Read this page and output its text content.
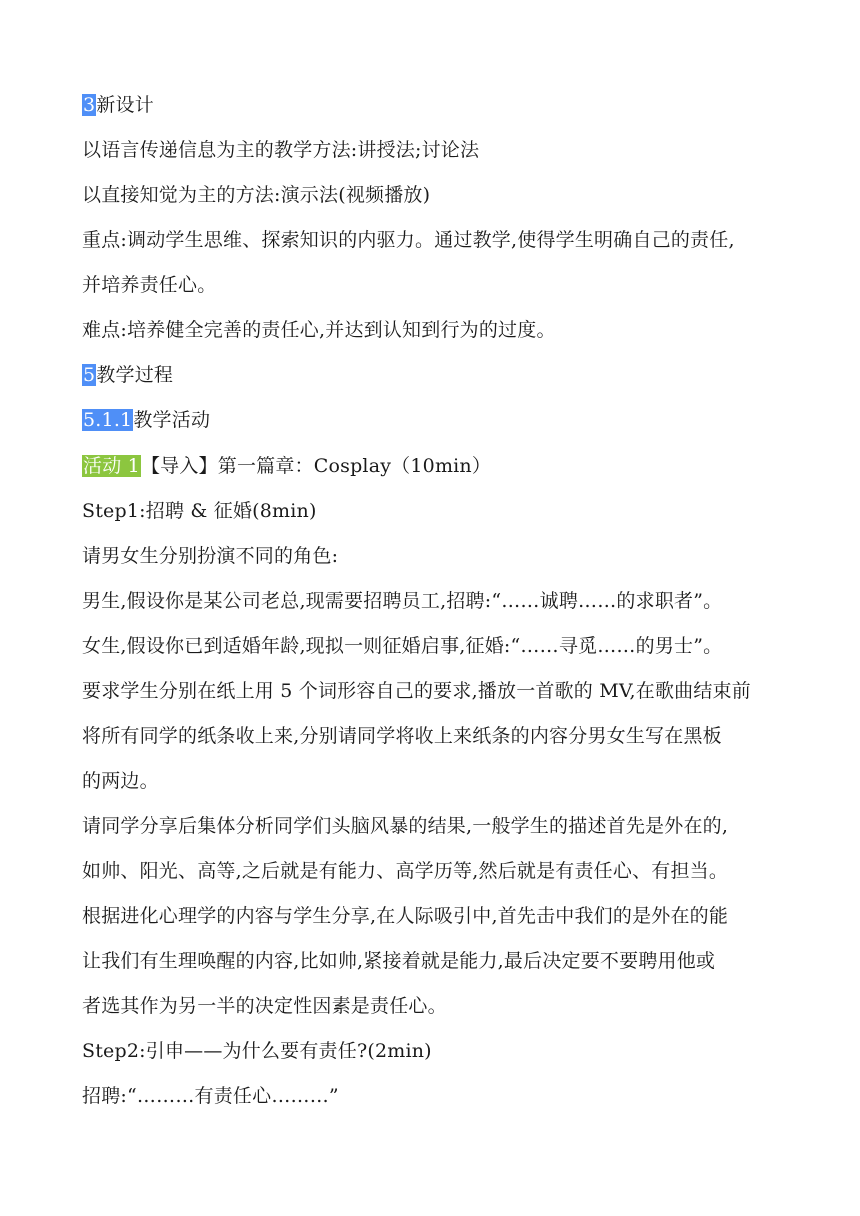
3新设计
以语言传递信息为主的教学方法:讲授法;讨论法
以直接知觉为主的方法:演示法(视频播放)
重点:调动学生思维、探索知识的内驱力。通过教学,使得学生明确自己的责任,
并培养责任心。
难点:培养健全完善的责任心,并达到认知到行为的过度。
5教学过程
5.1.1教学活动
活动 1【导入】第一篇章：Cosplay（10min）
Step1:招聘 & 征婚(8min)
请男女生分别扮演不同的角色:
男生,假设你是某公司老总,现需要招聘员工,招聘:“……诚聘……的求职者”。
女生,假设你已到适婚年龄,现拟一则征婚启事,征婚:“……寻觅……的男士”。
要求学生分别在纸上用 5 个词形容自己的要求,播放一首歌的 MV,在歌曲结束前
将所有同学的纸条收上来,分别请同学将收上来纸条的内容分男女生写在黑板
的两边。
请同学分享后集体分析同学们头脑风暴的结果,一般学生的描述首先是外在的,
如帅、阳光、高等,之后就是有能力、高学历等,然后就是有责任心、有担当。
根据进化心理学的内容与学生分享,在人际吸引中,首先击中我们的是外在的能
让我们有生理唤醒的内容,比如帅,紧接着就是能力,最后决定要不要聘用他或
者选其作为另一半的决定性因素是责任心。
Step2:引申——为什么要有责任?(2min)
招聘:“………有责任心………”
